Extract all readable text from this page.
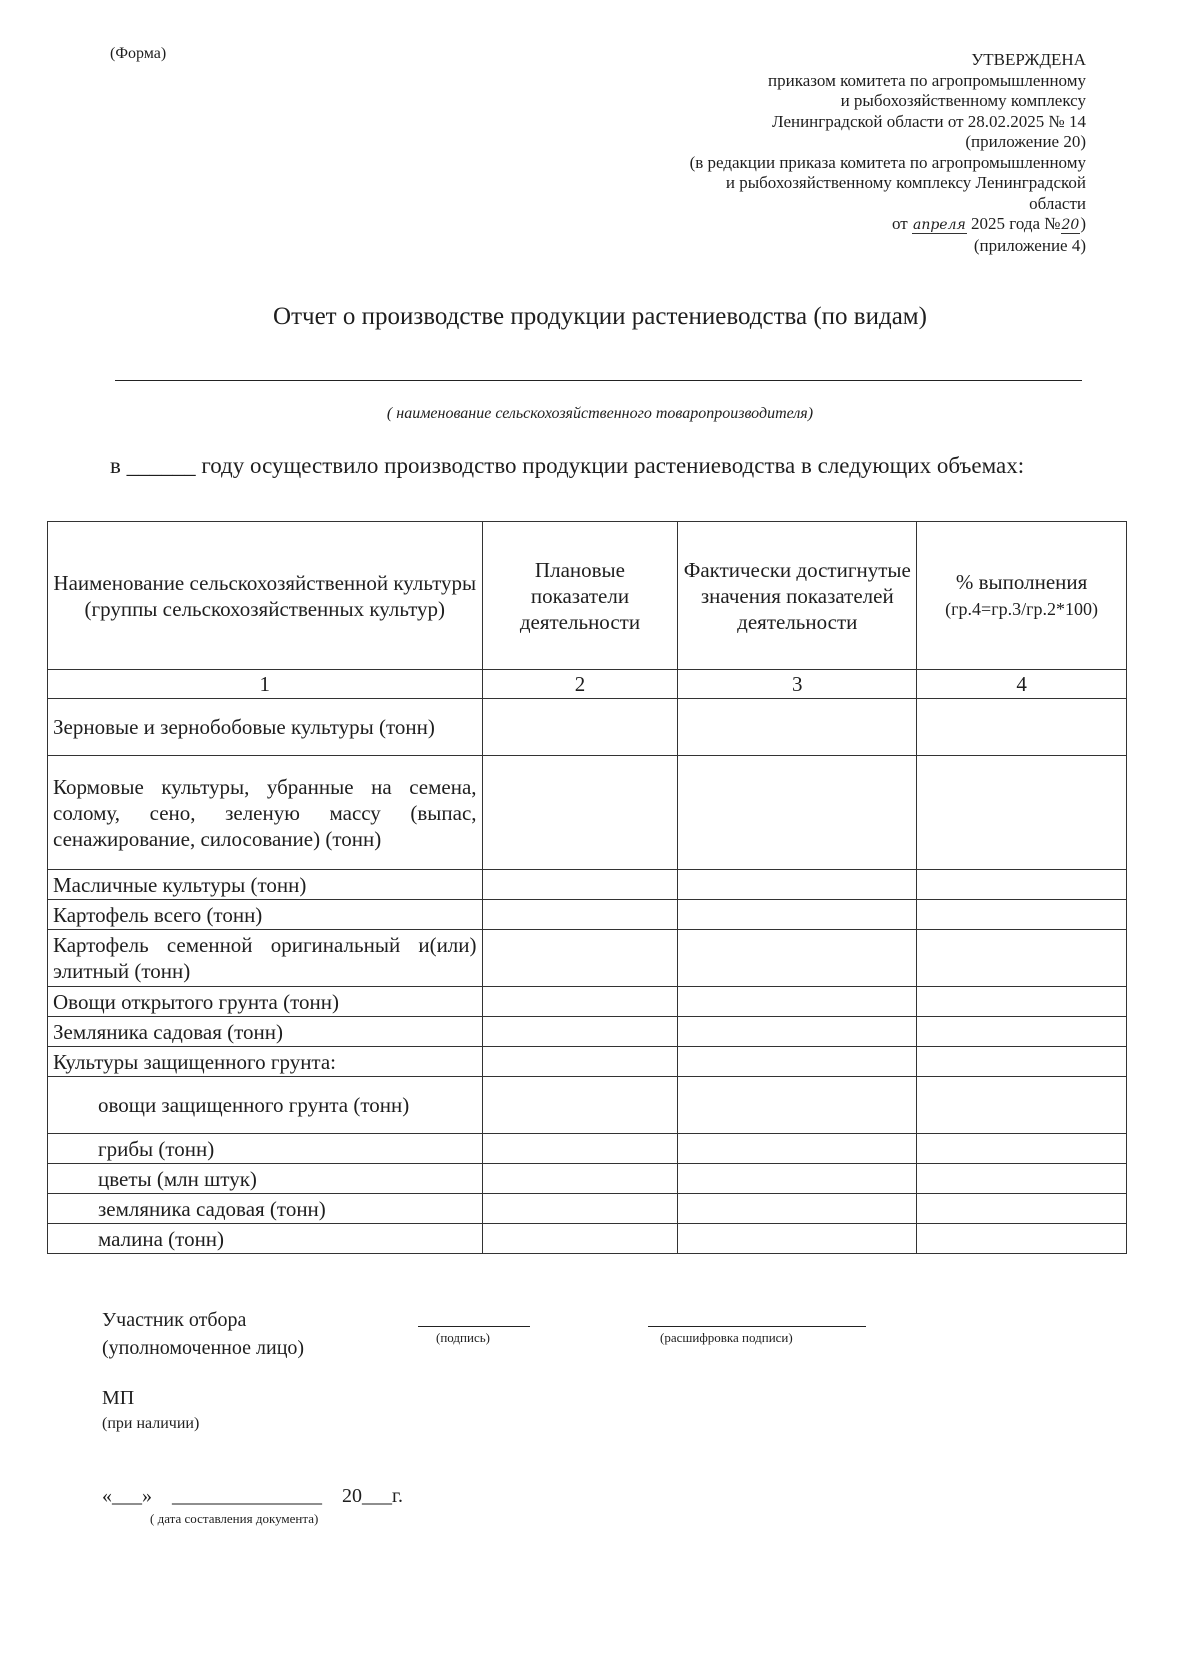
(Форма)	УТВЕРЖДЕНА
приказом комитета по агропромышленному
и рыбохозяйственному комплексу
Ленинградской области от 28.02.2025 № 14
(приложение 20)
(в редакции приказа комитета по агропромышленному
и рыбохозяйственному комплексу Ленинградской
области
от апреля 2025 года №20)
(приложение 4)
Отчет о производстве продукции растениеводства (по видам)
( наименование сельскохозяйственного товаропроизводителя)
в ______ году осуществило производство продукции растениеводства в следующих объемах:
Наименование сельскохозяйственной культуры (группы сельскохозяйственных культур)	Плановые показатели деятельности	Фактически достигнутые значения показателей деятельности	% выполнения
(гр.4=гр.3/гр.2*100)
1	2	3	4
Зерновые и зернобобовые культуры (тонн)			
Кормовые культуры, убранные на семена, солому, сено, зеленую массу (выпас, сенажирование, силосование) (тонн)			
Масличные культуры (тонн)			
Картофель всего (тонн)			
Картофель семенной оригинальный и(или) элитный (тонн)			
Овощи открытого грунта (тонн)			
Земляника садовая (тонн)			
Культуры защищенного грунта:			
овощи защищенного грунта (тонн)			
грибы (тонн)			
цветы (млн штук)			
земляника садовая (тонн)			
малина (тонн)			
Участник отбора
(уполномоченное лицо)	(подпись)	(расшифровка подписи)
МП
(при наличии)
«___»    _______________    20___г.
( дата составления документа)
